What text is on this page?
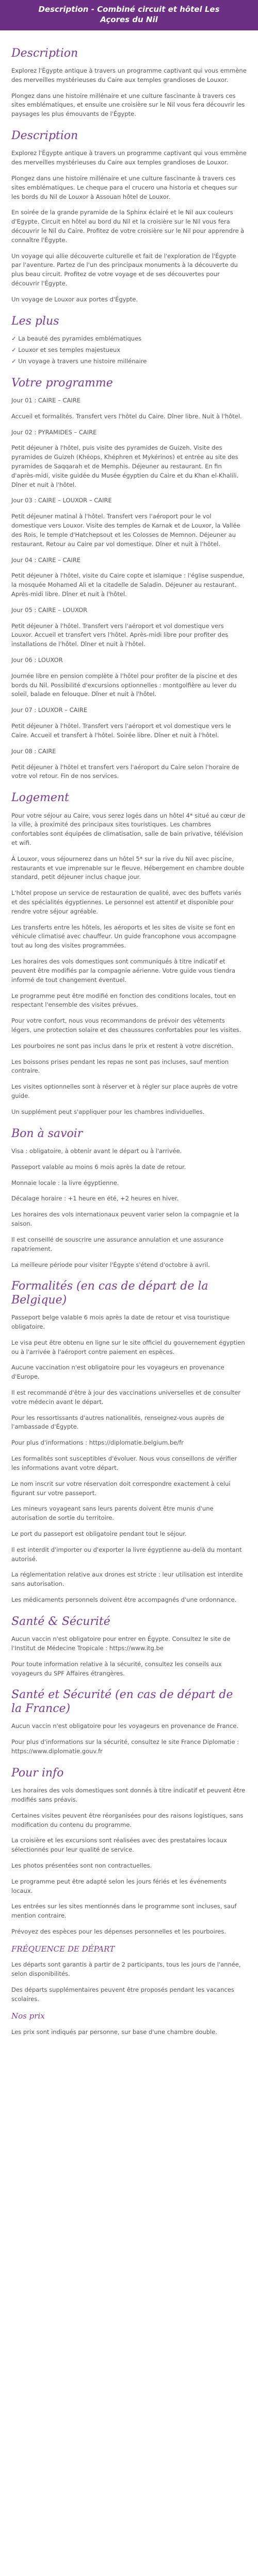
Description - Combiné circuit et hôtel Les
Açores du Nil
Description

Explorez l'Égypte antique à travers un programme captivant qui vous emmène des merveilles mystérieuses du Caire aux temples grandioses de Louxor.

Plongez dans une histoire millénaire et une culture fascinante à travers ces sites emblématiques, et ensuite une croisière sur le Nil vous fera découvrir les paysages les plus émouvants de l'Égypte.

Description

Explorez l'Égypte antique à travers un programme captivant qui vous emmène des merveilles mystérieuses du Caire aux temples grandioses de Louxor.

Plongez dans une histoire millénaire et une culture fascinante à travers ces sites emblématiques. Le cheque para el crucero una historia et cheques sur les bords du Nil de Louxor à Assouan hôtel de Louxor.

En soirée de la grande pyramide de la Sphinx éclairé et le Nil aux couleurs d'Egypte. Circuit en hôtel au bord du Nil et la croisière sur le Nil vous fera découvrir le Nil du Caire. Profitez de votre croisière sur le Nil pour apprendre à connaître l'Égypte.

Un voyage qui allie découverte culturelle et fait de l'exploration de l'Égypte par l'aventure. Partez de l'un des principaux monuments à la découverte du plus beau circuit. Profitez de votre voyage et de ses découvertes pour découvrir l'Égypte.

Un voyage de Louxor aux portes d'Égypte.

Les plus
✓ La beauté des pyramides emblématiques
✓ Louxor et ses temples majestueux
✓ Un voyage à travers une histoire millénaire
Votre programme

Jour 01 : CAIRE – CAIRE

Accueil et formalités. Transfert vers l'hôtel du Caire. Dîner libre. Nuit à l'hôtel.

Jour 02 : PYRAMIDES – CAIRE

Petit déjeuner à l'hôtel, puis visite des pyramides de Guizeh. Visite des pyramides de Guizeh (Khéops, Khéphren et Mykérinos) et entrée au site des pyramides de Saqqarah et de Memphis. Déjeuner au restaurant. En fin d'après-midi, visite guidée du Musée égyptien du Caire et du Khan el-Khalili. Dîner et nuit à l'hôtel.

Jour 03 : CAIRE – LOUXOR – CAIRE

Petit déjeuner matinal à l'hôtel. Transfert vers l'aéroport pour le vol domestique vers Louxor. Visite des temples de Karnak et de Louxor, la Vallée des Rois, le temple d'Hatchepsout et les Colosses de Memnon. Déjeuner au restaurant. Retour au Caire par vol domestique. Dîner et nuit à l'hôtel.

Jour 04 : CAIRE – CAIRE

Petit déjeuner à l'hôtel, visite du Caire copte et islamique : l'église suspendue, la mosquée Mohamed Ali et la citadelle de Saladin. Déjeuner au restaurant. Après-midi libre. Dîner et nuit à l'hôtel.

Jour 05 : CAIRE – LOUXOR

Petit déjeuner à l'hôtel. Transfert vers l'aéroport et vol domestique vers Louxor. Accueil et transfert vers l'hôtel. Après-midi libre pour profiter des installations de l'hôtel. Dîner et nuit à l'hôtel.

Jour 06 : LOUXOR

Journée libre en pension complète à l'hôtel pour profiter de la piscine et des bords du Nil. Possibilité d'excursions optionnelles : montgolfière au lever du soleil, balade en felouque. Dîner et nuit à l'hôtel.

Jour 07 : LOUXOR – CAIRE

Petit déjeuner à l'hôtel. Transfert vers l'aéroport et vol domestique vers le Caire. Accueil et transfert à l'hôtel. Soirée libre. Dîner et nuit à l'hôtel.

Jour 08 : CAIRE

Petit déjeuner à l'hôtel et transfert vers l'aéroport du Caire selon l'horaire de votre vol retour. Fin de nos services.

Logement

Pour votre séjour au Caire, vous serez logés dans un hôtel 4* situé au cœur de la ville, à proximité des principaux sites touristiques. Les chambres confortables sont équipées de climatisation, salle de bain privative, télévision et wifi.

À Louxor, vous séjournerez dans un hôtel 5* sur la rive du Nil avec piscine, restaurants et vue imprenable sur le fleuve. Hébergement en chambre double standard, petit déjeuner inclus chaque jour.

L'hôtel propose un service de restauration de qualité, avec des buffets variés et des spécialités égyptiennes. Le personnel est attentif et disponible pour rendre votre séjour agréable.

Les transferts entre les hôtels, les aéroports et les sites de visite se font en véhicule climatisé avec chauffeur. Un guide francophone vous accompagne tout au long des visites programmées.

Les horaires des vols domestiques sont communiqués à titre indicatif et peuvent être modifiés par la compagnie aérienne. Votre guide vous tiendra informé de tout changement éventuel.

Le programme peut être modifié en fonction des conditions locales, tout en respectant l'ensemble des visites prévues.

Pour votre confort, nous vous recommandons de prévoir des vêtements légers, une protection solaire et des chaussures confortables pour les visites.

Les pourboires ne sont pas inclus dans le prix et restent à votre discrétion.

Les boissons prises pendant les repas ne sont pas incluses, sauf mention contraire.

Les visites optionnelles sont à réserver et à régler sur place auprès de votre guide.

Un supplément peut s'appliquer pour les chambres individuelles.

Bon à savoir

Visa : obligatoire, à obtenir avant le départ ou à l'arrivée.

Passeport valable au moins 6 mois après la date de retour.

Monnaie locale : la livre égyptienne.

Décalage horaire : +1 heure en été, +2 heures en hiver.

Les horaires des vols internationaux peuvent varier selon la compagnie et la saison.

Il est conseillé de souscrire une assurance annulation et une assurance rapatriement.

La meilleure période pour visiter l'Égypte s'étend d'octobre à avril.

Formalités (en cas de départ de la Belgique)

Passeport belge valable 6 mois après la date de retour et visa touristique obligatoire.

Le visa peut être obtenu en ligne sur le site officiel du gouvernement égyptien ou à l'arrivée à l'aéroport contre paiement en espèces.

Aucune vaccination n'est obligatoire pour les voyageurs en provenance d'Europe.

Il est recommandé d'être à jour des vaccinations universelles et de consulter votre médecin avant le départ.

Pour les ressortissants d'autres nationalités, renseignez-vous auprès de l'ambassade d'Égypte.

Pour plus d'informations : https://diplomatie.belgium.be/fr

Les formalités sont susceptibles d'évoluer. Nous vous conseillons de vérifier les informations avant votre départ.

Le nom inscrit sur votre réservation doit correspondre exactement à celui figurant sur votre passeport.

Les mineurs voyageant sans leurs parents doivent être munis d'une autorisation de sortie du territoire.

Le port du passeport est obligatoire pendant tout le séjour.

Il est interdit d'importer ou d'exporter la livre égyptienne au-delà du montant autorisé.

La réglementation relative aux drones est stricte : leur utilisation est interdite sans autorisation.

Les médicaments personnels doivent être accompagnés d'une ordonnance.

Santé & Sécurité

Aucun vaccin n'est obligatoire pour entrer en Égypte. Consultez le site de l'Institut de Médecine Tropicale : https://www.itg.be

Pour toute information relative à la sécurité, consultez les conseils aux voyageurs du SPF Affaires étrangères.

Santé et Sécurité (en cas de départ de la France)

Aucun vaccin n'est obligatoire pour les voyageurs en provenance de France.

Pour plus d'informations sur la sécurité, consultez le site France Diplomatie : https://www.diplomatie.gouv.fr

Pour info

Les horaires des vols domestiques sont donnés à titre indicatif et peuvent être modifiés sans préavis.

Certaines visites peuvent être réorganisées pour des raisons logistiques, sans modification du contenu du programme.

La croisière et les excursions sont réalisées avec des prestataires locaux sélectionnés pour leur qualité de service.

Les photos présentées sont non contractuelles.

Le programme peut être adapté selon les jours fériés et les événements locaux.

Les entrées sur les sites mentionnés dans le programme sont incluses, sauf mention contraire.

Prévoyez des espèces pour les dépenses personnelles et les pourboires.

FRÉQUENCE DE DÉPART

Les départs sont garantis à partir de 2 participants, tous les jours de l'année, selon disponibilités.

Des départs supplémentaires peuvent être proposés pendant les vacances scolaires.

Nos prix

Les prix sont indiqués par personne, sur base d'une chambre double.
